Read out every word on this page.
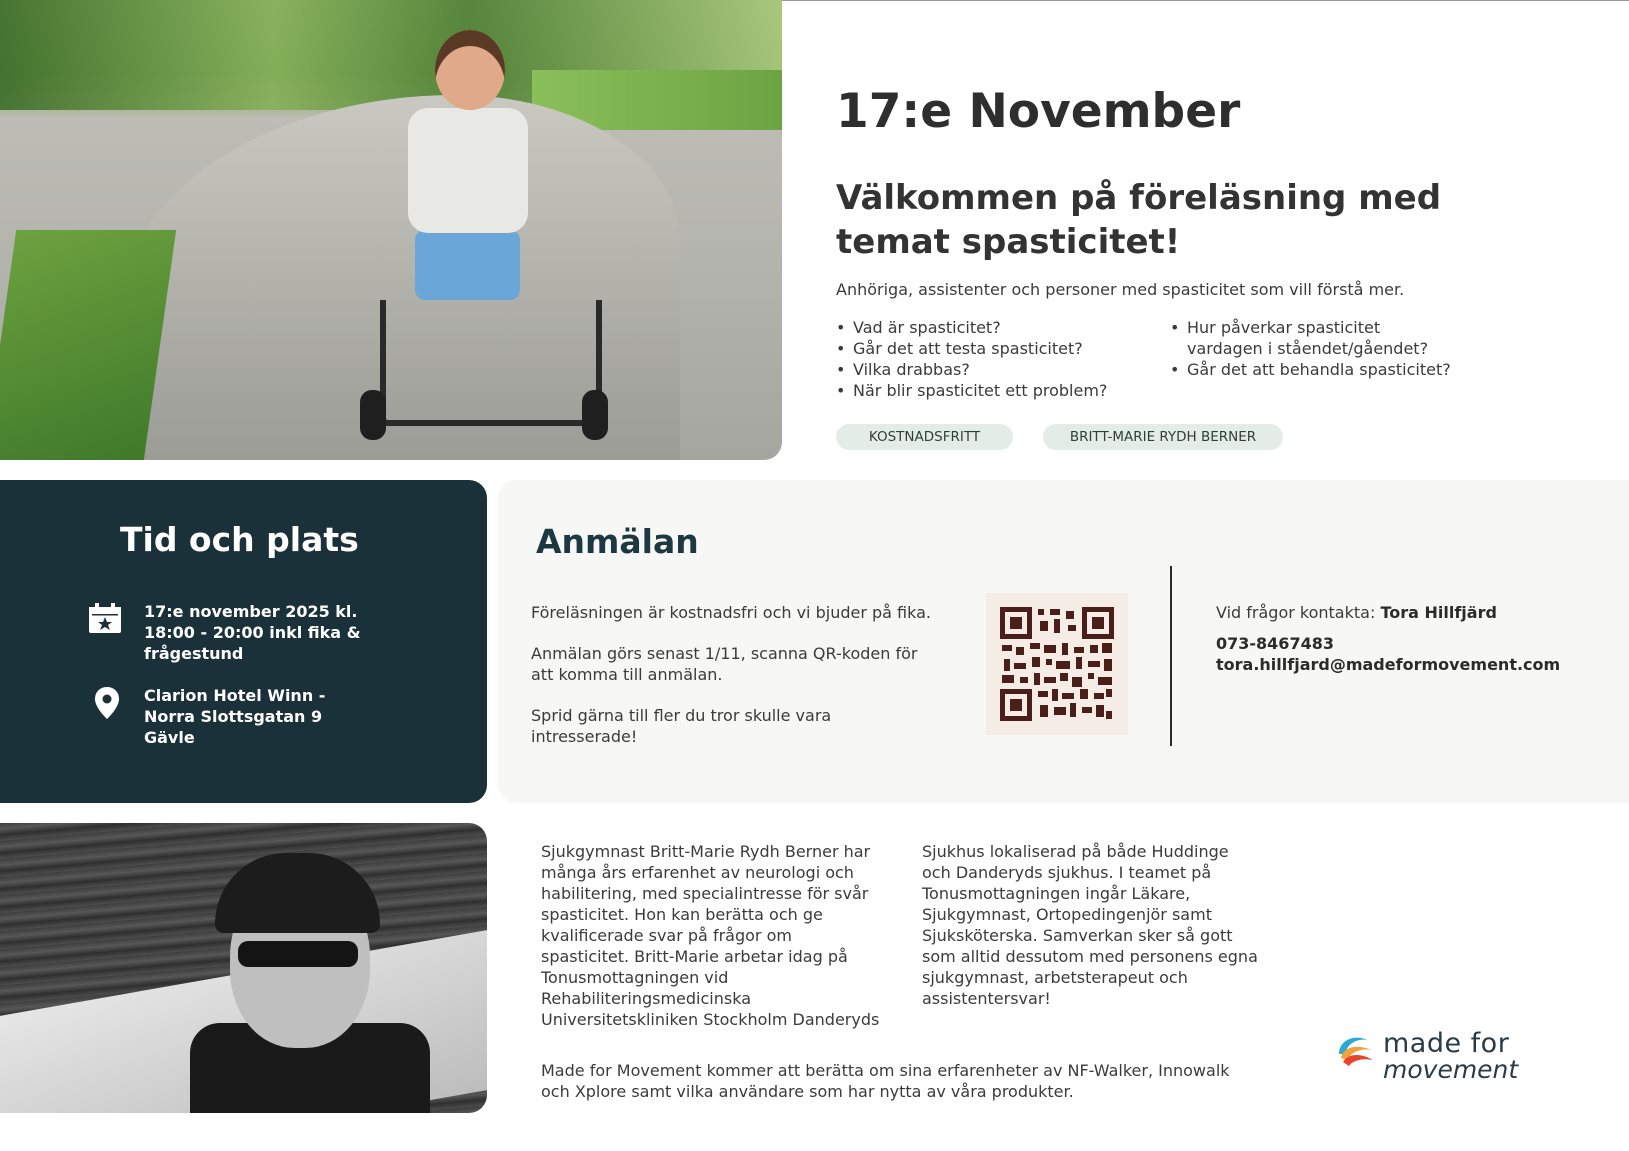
17:e November
Välkommen på föreläsning med temat spasticitet!

Anhöriga, assistenter och personer med spasticitet som vill förstå mer.

• Vad är spasticitet?
• Går det att testa spasticitet?
• Vilka drabbas?
• När blir spasticitet ett problem?
• Hur påverkar spasticitet vardagen i ståendet/gåendet?
• Går det att behandla spasticitet?
KOSTNADSFRITT	BRITT-MARIE RYDH BERNER
Tid och plats
17:e november 2025 kl. 18:00 - 20:00 inkl fika & frågestund
Clarion Hotel Winn - Norra Slottsgatan 9 Gävle
Anmälan
Föreläsningen är kostnadsfri och vi bjuder på fika.
Anmälan görs senast 1/11, scanna QR-koden för att komma till anmälan.
Sprid gärna till fler du tror skulle vara intresserade!
Vid frågor kontakta: Tora Hillfjärd
073-8467483
tora.hillfjard@madeformovement.com
Sjukgymnast Britt-Marie Rydh Berner har många års erfarenhet av neurologi och habilitering, med specialintresse för svår spasticitet. Hon kan berätta och ge kvalificerade svar på frågor om spasticitet. Britt-Marie arbetar idag på Tonusmottagningen vid Rehabiliteringsmedicinska Universitetskliniken Stockholm Danderyds
Sjukhus lokaliserad på både Huddinge och Danderyds sjukhus. I teamet på Tonusmottagningen ingår Läkare, Sjukgymnast, Ortopedingenjör samt Sjuksköterska. Samverkan sker så gott som alltid dessutom med personens egna sjukgymnast, arbetsterapeut och assistentersvar!
Made for Movement kommer att berätta om sina erfarenheter av NF-Walker, Innowalk och Xplore samt vilka användare som har nytta av våra produkter.
made for
movement
